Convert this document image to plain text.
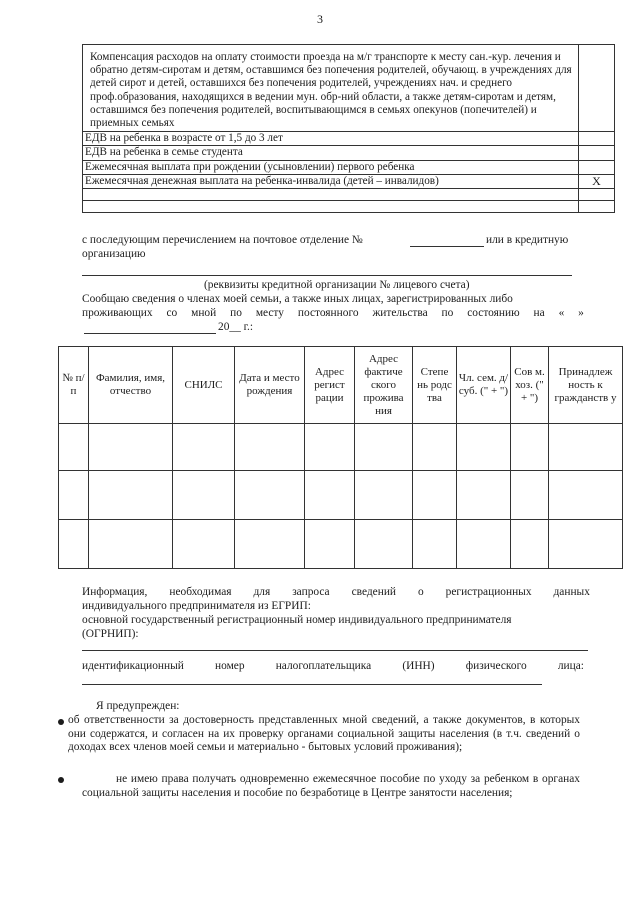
3
Компенсация расходов на оплату стоимости проезда на м/г транспорте к месту сан.-кур. лечения и обратно детям-сиротам и детям, оставшимся без попечения родителей, обучающ. в учреждениях для детей сирот и детей, оставшихся без попечения родителей, учреждениях нач. и среднего проф.образования, находящихся в ведении мун. обр-ний области, а также детям-сиротам и детям, оставшимся без попечения родителей, воспитывающимся в семьях опекунов (попечителей) и приемных семьях	
ЕДВ на ребенка в возрасте от 1,5 до 3 лет	
ЕДВ на ребенка в семье студента	
Ежемесячная выплата при рождении (усыновлении) первого ребенка	
Ежемесячная денежная выплата на ребенка-инвалида (детей – инвалидов)	Х

с последующим перечислением на почтовое отделение №	или в кредитную
организацию
(реквизиты кредитной организации № лицевого счета)
Сообщаю сведения о членах моей семьи, а также иных лицах, зарегистрированных либо
проживающих со мной по месту постоянного жительства по состоянию на « »
20__ г.:
№ п/п	Фамилия, имя, отчество	СНИЛС	Дата и место рождения	Адрес регист рации	Адрес фактиче ского прожива ния	Степе нь родс тва	Чл. сем. д/суб. (" + ")	Сов м. хоз. (" + ")	Принадлеж ность к гражданств у

Информация, необходимая для запроса сведений о регистрационных данных
индивидуального предпринимателя из ЕГРИП:
основной государственный регистрационный номер индивидуального предпринимателя
(ОГРНИП):
идентификационный	номер	налогоплательщика	(ИНН)	физического	лица:
Я предупрежден:
об ответственности за достоверность представленных мной сведений, а также документов, в которых они содержатся, и согласен на их проверку органами социальной защиты населения (в т.ч. сведений о доходах всех членов моей семьи и материально - бытовых условий проживания);
не имею права получать одновременно ежемесячное пособие по уходу за ребенком в органах социальной защиты населения и пособие по безработице в Центре занятости населения;
